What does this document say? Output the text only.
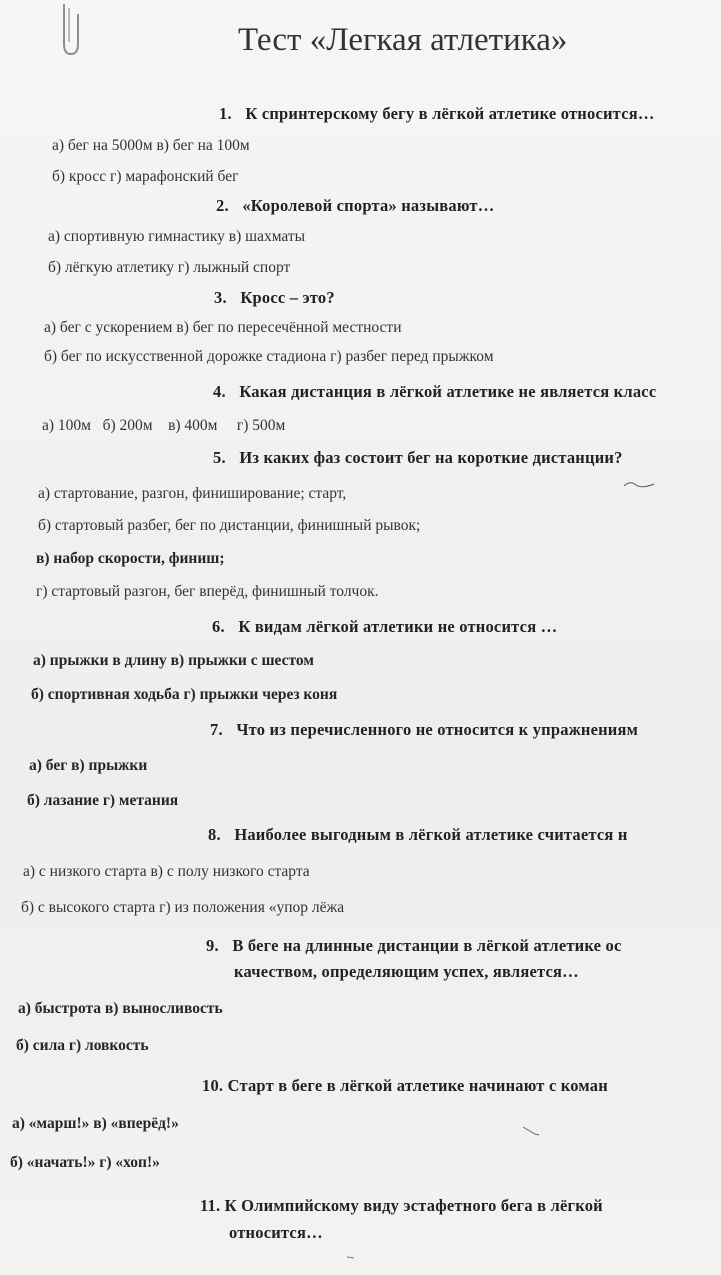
Тест «Легкая атлетика»
1. К спринтерскому бегу в лёгкой атлетике относится…
а) бег на 5000м в) бег на 100м
б) кросс г) марафонский бег
2. «Королевой спорта» называют…
а) спортивную гимнастику в) шахматы
б) лёгкую атлетику г) лыжный спорт
3. Кросс – это?
а) бег с ускорением в) бег по пересечённой местности
б) бег по искусственной дорожке стадиона г) разбег перед прыжком
4. Какая дистанция в лёгкой атлетике не является класс
а) 100м   б) 200м    в) 400м     г) 500м
5. Из каких фаз состоит бег на короткие дистанции?
а) стартование, разгон, финиширование; старт,
б) стартовый разбег, бег по дистанции, финишный рывок;
в) набор скорости, финиш;
г) стартовый разгон, бег вперёд, финишный толчок.
6. К видам лёгкой атлетики не относится …
а) прыжки в длину в) прыжки с шестом
б) спортивная ходьба г) прыжки через коня
7. Что из перечисленного не относится к упражнениям
а) бег в) прыжки
б) лазание г) метания
8. Наиболее выгодным в лёгкой атлетике считается н
а) с низкого старта в) с полу низкого старта
б) с высокого старта г) из положения «упор лёжа
9. В беге на длинные дистанции в лёгкой атлетике ос
качеством, определяющим успех, является…
а) быстрота в) выносливость
б) сила г) ловкость
10. Старт в беге в лёгкой атлетике начинают с коман
а) «марш!» в) «вперёд!»
б) «начать!» г) «хоп!»
11. К Олимпийскому виду эстафетного бега в лёгкой
относится…
